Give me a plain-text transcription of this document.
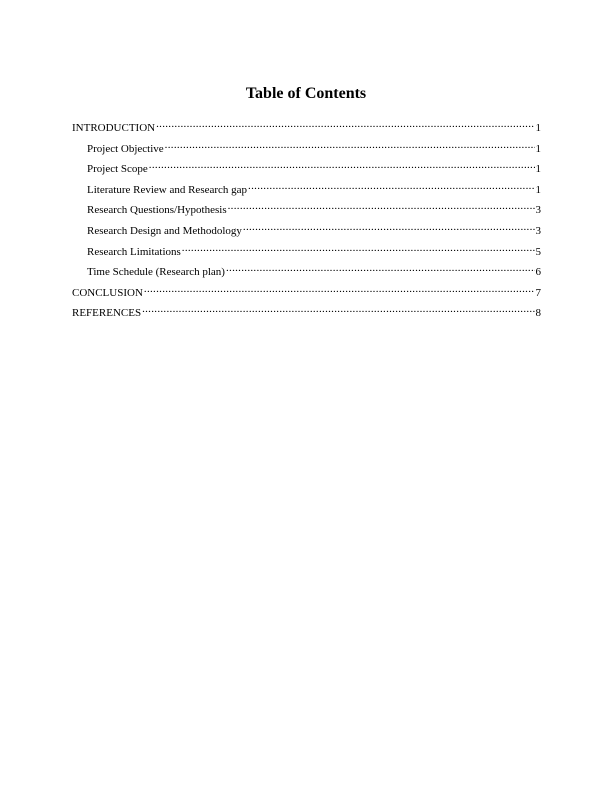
Table of Contents
INTRODUCTION .....	1
Project Objective .....	1
Project Scope .....	1
Literature Review and Research gap .....	1
Research Questions/Hypothesis .....	3
Research Design and Methodology .....	3
Research Limitations .....	5
Time Schedule (Research plan) .....	6
CONCLUSION .....	7
REFERENCES .....	8
